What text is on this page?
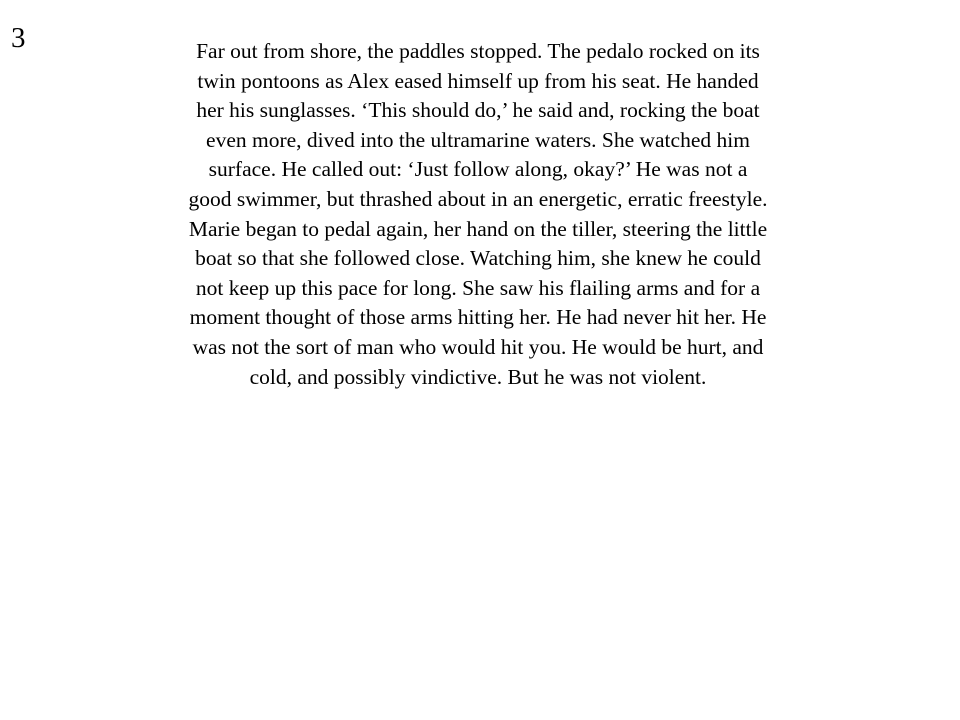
3	Far out from shore, the paddles stopped. The pedalo rocked on its
twin pontoons as Alex eased himself up from his seat. He handed
her his sunglasses. ‘This should do,’ he said and, rocking the boat
even more, dived into the ultramarine waters. She watched him
surface. He called out: ‘Just follow along, okay?’ He was not a
good swimmer, but thrashed about in an energetic, erratic freestyle.
Marie began to pedal again, her hand on the tiller, steering the little
boat so that she followed close. Watching him, she knew he could
not keep up this pace for long. She saw his flailing arms and for a
moment thought of those arms hitting her. He had never hit her. He
was not the sort of man who would hit you. He would be hurt, and
cold, and possibly vindictive. But he was not violent.
